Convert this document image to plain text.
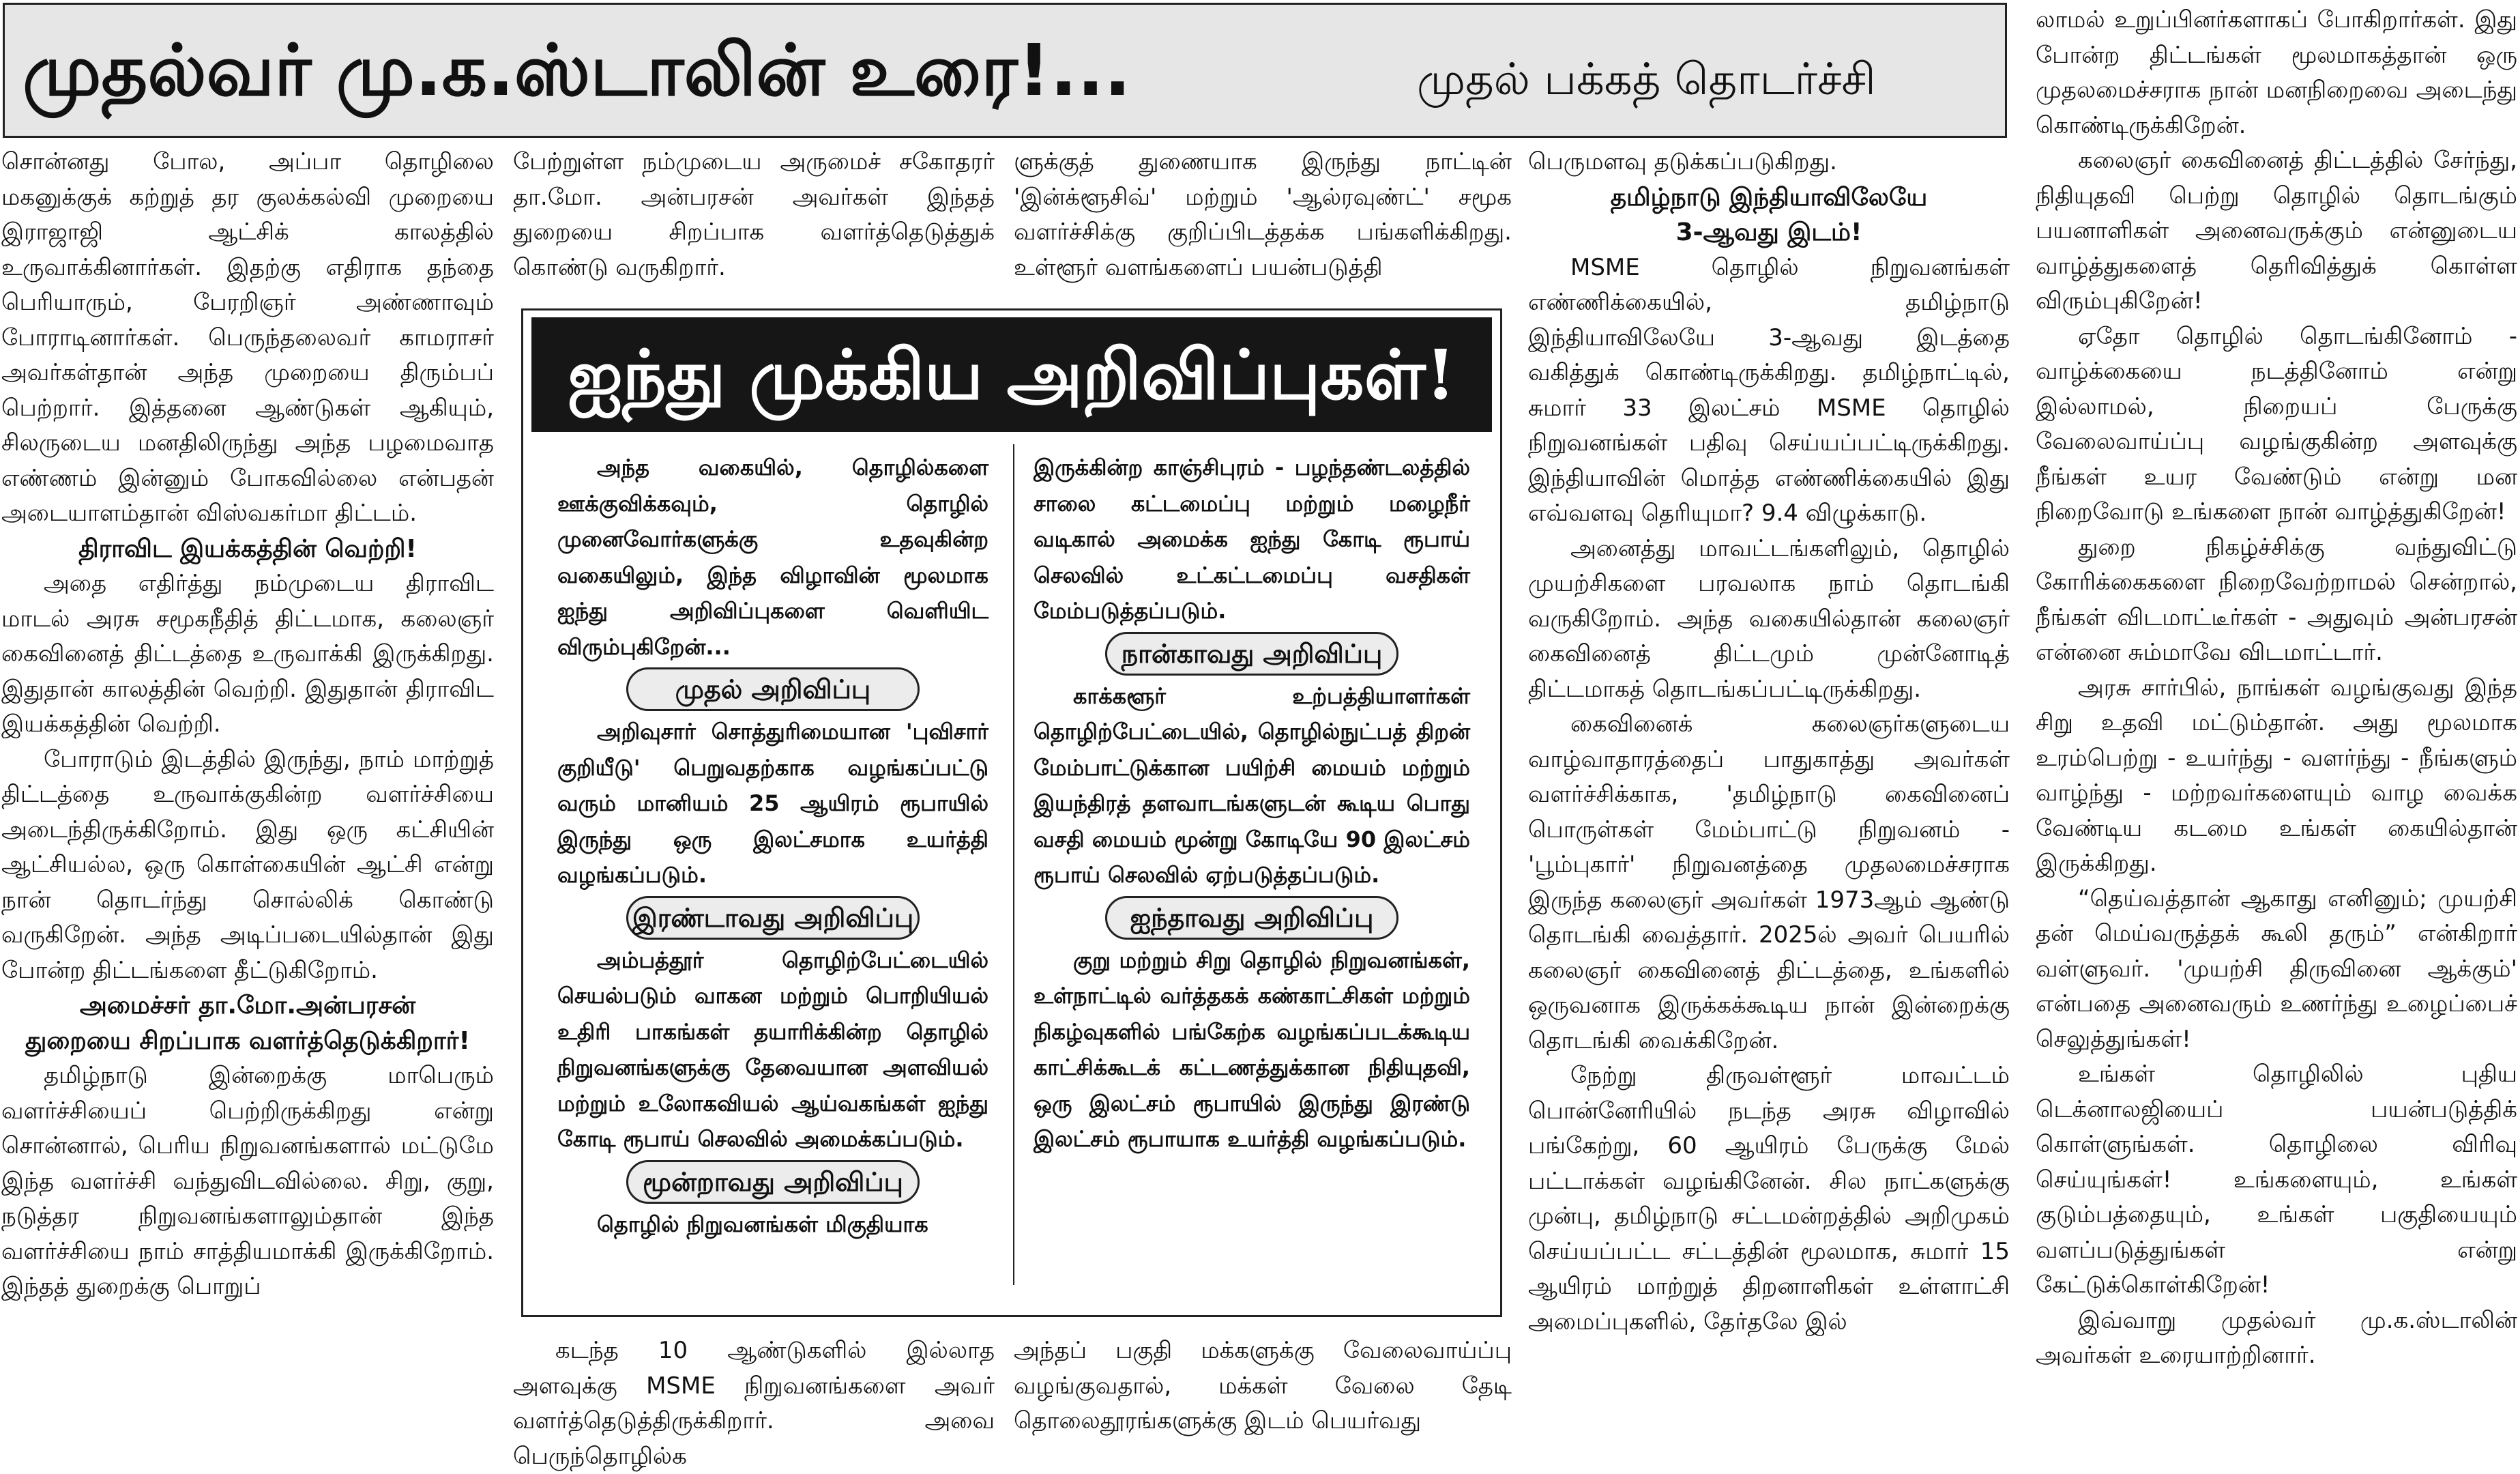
முதல்வர் மு.க.ஸ்டாலின் உரை!...	முதல் பக்கத் தொடர்ச்சி

சொன்னது போல, அப்பா தொழிலை மகனுக்குக் கற்றுத் தர குலக்கல்வி முறையை இராஜாஜி ஆட்சிக் காலத்தில் உருவாக்கினார்கள். இதற்கு எதிராக தந்தை பெரியாரும், பேரறிஞர் அண்ணாவும் போராடினார்கள். பெருந்தலைவர் காமராசர் அவர்கள்தான் அந்த முறையை திரும்பப் பெற்றார். இத்தனை ஆண்டுகள் ஆகியும், சிலருடைய மனதிலிருந்து அந்த பழமைவாத எண்ணம் இன்னும் போகவில்லை என்பதன் அடையாளம்தான் விஸ்வகர்மா திட்டம்.

திராவிட இயக்கத்தின் வெற்றி!

அதை எதிர்த்து நம்முடைய திராவிட மாடல் அரசு சமூகநீதித் திட்டமாக, கலைஞர் கைவினைத் திட்டத்தை உருவாக்கி இருக்கிறது. இதுதான் காலத்தின் வெற்றி. இதுதான் திராவிட இயக்கத்தின் வெற்றி.

போராடும் இடத்தில் இருந்து, நாம் மாற்றுத் திட்டத்தை உருவாக்குகின்ற வளர்ச்சியை அடைந்திருக்கிறோம். இது ஒரு கட்சியின் ஆட்சியல்ல, ஒரு கொள்கையின் ஆட்சி என்று நான் தொடர்ந்து சொல்லிக் கொண்டு வருகிறேன். அந்த அடிப்படையில்தான் இது போன்ற திட்டங்களை தீட்டுகிறோம்.

அமைச்சர் தா.மோ.அன்பரசன்

துறையை சிறப்பாக வளர்த்தெடுக்கிறார்!

தமிழ்நாடு இன்றைக்கு மாபெரும் வளர்ச்சியைப் பெற்றிருக்கிறது என்று சொன்னால், பெரிய நிறுவனங்களால் மட்டுமே இந்த வளர்ச்சி வந்துவிடவில்லை. சிறு, குறு, நடுத்தர நிறுவனங்களாலும்தான் இந்த வளர்ச்சியை நாம் சாத்தியமாக்கி இருக்கிறோம். இந்தத் துறைக்கு பொறுப்

பேற்றுள்ள நம்முடைய அருமைச் சகோதரர் தா.மோ. அன்பரசன் அவர்கள் இந்தத் துறையை சிறப்பாக வளர்த்தெடுத்துக் கொண்டு வருகிறார்.

ளுக்குத் துணையாக இருந்து நாட்டின் 'இன்க்ளூசிவ்' மற்றும் 'ஆல்ரவுண்ட்' சமூக வளர்ச்சிக்கு குறிப்பிடத்தக்க பங்களிக்கிறது. உள்ளூர் வளங்களைப் பயன்படுத்தி

ஐந்து முக்கிய அறிவிப்புகள்!

அந்த வகையில், தொழில்களை ஊக்குவிக்கவும், தொழில் முனைவோர்களுக்கு உதவுகின்ற வகையிலும், இந்த விழாவின் மூலமாக ஐந்து அறிவிப்புகளை வெளியிட விரும்புகிறேன்...

முதல் அறிவிப்பு

அறிவுசார் சொத்துரிமையான 'புவிசார் குறியீடு' பெறுவதற்காக வழங்கப்பட்டு வரும் மானியம் 25 ஆயிரம் ரூபாயில் இருந்து ஒரு இலட்சமாக உயர்த்தி வழங்கப்படும்.

இரண்டாவது அறிவிப்பு

அம்பத்தூர் தொழிற்பேட்டையில் செயல்படும் வாகன மற்றும் பொறியியல் உதிரி பாகங்கள் தயாரிக்கின்ற தொழில் நிறுவனங்களுக்கு தேவையான அளவியல் மற்றும் உலோகவியல் ஆய்வகங்கள் ஐந்து கோடி ரூபாய் செலவில் அமைக்கப்படும்.

மூன்றாவது அறிவிப்பு

தொழில் நிறுவனங்கள் மிகுதியாக

இருக்கின்ற காஞ்சிபுரம் - பழந்தண்டலத்தில் சாலை கட்டமைப்பு மற்றும் மழைநீர் வடிகால் அமைக்க ஐந்து கோடி ரூபாய் செலவில் உட்கட்டமைப்பு வசதிகள் மேம்படுத்தப்படும்.

நான்காவது அறிவிப்பு

காக்களூர் உற்பத்தியாளர்கள் தொழிற்பேட்டையில், தொழில்நுட்பத் திறன் மேம்பாட்டுக்கான பயிற்சி மையம் மற்றும் இயந்திரத் தளவாடங்களுடன் கூடிய பொது வசதி மையம் மூன்று கோடியே 90 இலட்சம் ரூபாய் செலவில் ஏற்படுத்தப்படும்.

ஐந்தாவது அறிவிப்பு

குறு மற்றும் சிறு தொழில் நிறுவனங்கள், உள்நாட்டில் வர்த்தகக் கண்காட்சிகள் மற்றும் நிகழ்வுகளில் பங்கேற்க வழங்கப்படக்கூடிய காட்சிக்கூடக் கட்டணத்துக்கான நிதியுதவி, ஒரு இலட்சம் ரூபாயில் இருந்து இரண்டு இலட்சம் ரூபாயாக உயர்த்தி வழங்கப்படும்.

கடந்த 10 ஆண்டுகளில் இல்லாத அளவுக்கு MSME நிறுவனங்களை அவர் வளர்த்தெடுத்திருக்கிறார். அவை பெருந்தொழில்க

அந்தப் பகுதி மக்களுக்கு வேலைவாய்ப்பு வழங்குவதால், மக்கள் வேலை தேடி தொலைதூரங்களுக்கு இடம் பெயர்வது

பெருமளவு தடுக்கப்படுகிறது.

தமிழ்நாடு இந்தியாவிலேயே

3-ஆவது இடம்!

MSME தொழில் நிறுவனங்கள் எண்ணிக்கையில், தமிழ்நாடு இந்தியாவிலேயே 3-ஆவது இடத்தை வகித்துக் கொண்டிருக்கிறது. தமிழ்நாட்டில், சுமார் 33 இலட்சம் MSME தொழில் நிறுவனங்கள் பதிவு செய்யப்பட்டிருக்கிறது. இந்தியாவின் மொத்த எண்ணிக்கையில் இது எவ்வளவு தெரியுமா? 9.4 விழுக்காடு.

அனைத்து மாவட்டங்களிலும், தொழில் முயற்சிகளை பரவலாக நாம் தொடங்கி வருகிறோம். அந்த வகையில்தான் கலைஞர் கைவினைத் திட்டமும் முன்னோடித் திட்டமாகத் தொடங்கப்பட்டிருக்கிறது.

கைவினைக் கலைஞர்களுடைய வாழ்வாதாரத்தைப் பாதுகாத்து அவர்கள் வளர்ச்சிக்காக, 'தமிழ்நாடு கைவினைப் பொருள்கள் மேம்பாட்டு நிறுவனம் - 'பூம்புகார்' நிறுவனத்தை முதலமைச்சராக இருந்த கலைஞர் அவர்கள் 1973ஆம் ஆண்டு தொடங்கி வைத்தார். 2025ல் அவர் பெயரில் கலைஞர் கைவினைத் திட்டத்தை, உங்களில் ஒருவனாக இருக்கக்கூடிய நான் இன்றைக்கு தொடங்கி வைக்கிறேன்.

நேற்று திருவள்ளூர் மாவட்டம் பொன்னேரியில் நடந்த அரசு விழாவில் பங்கேற்று, 60 ஆயிரம் பேருக்கு மேல் பட்டாக்கள் வழங்கினேன். சில நாட்களுக்கு முன்பு, தமிழ்நாடு சட்டமன்றத்தில் அறிமுகம் செய்யப்பட்ட சட்டத்தின் மூலமாக, சுமார் 15 ஆயிரம் மாற்றுத் திறனாளிகள் உள்ளாட்சி அமைப்புகளில், தேர்தலே இல்

லாமல் உறுப்பினர்களாகப் போகிறார்கள். இது போன்ற திட்டங்கள் மூலமாகத்தான் ஒரு முதலமைச்சராக நான் மனநிறைவை அடைந்து கொண்டிருக்கிறேன்.

கலைஞர் கைவினைத் திட்டத்தில் சேர்ந்து, நிதியுதவி பெற்று தொழில் தொடங்கும் பயனாளிகள் அனைவருக்கும் என்னுடைய வாழ்த்துகளைத் தெரிவித்துக் கொள்ள விரும்புகிறேன்!

ஏதோ தொழில் தொடங்கினோம் - வாழ்க்கையை நடத்தினோம் என்று இல்லாமல், நிறையப் பேருக்கு வேலைவாய்ப்பு வழங்குகின்ற அளவுக்கு நீங்கள் உயர வேண்டும் என்று மன நிறைவோடு உங்களை நான் வாழ்த்துகிறேன்!

துறை நிகழ்ச்சிக்கு வந்துவிட்டு கோரிக்கைகளை நிறைவேற்றாமல் சென்றால், நீங்கள் விடமாட்டீர்கள் - அதுவும் அன்பரசன் என்னை சும்மாவே விடமாட்டார்.

அரசு சார்பில், நாங்கள் வழங்குவது இந்த சிறு உதவி மட்டும்தான். அது மூலமாக உரம்பெற்று - உயர்ந்து - வளர்ந்து - நீங்களும் வாழ்ந்து - மற்றவர்களையும் வாழ வைக்க வேண்டிய கடமை உங்கள் கையில்தான் இருக்கிறது.

“தெய்வத்தான் ஆகாது எனினும்; முயற்சி தன் மெய்வருத்தக் கூலி தரும்” என்கிறார் வள்ளுவர். 'முயற்சி திருவினை ஆக்கும்' என்பதை அனைவரும் உணர்ந்து உழைப்பைச் செலுத்துங்கள்!

உங்கள் தொழிலில் புதிய டெக்னாலஜியைப் பயன்படுத்திக் கொள்ளுங்கள். தொழிலை விரிவு செய்யுங்கள்! உங்களையும், உங்கள் குடும்பத்தையும், உங்கள் பகுதியையும் வளப்படுத்துங்கள் என்று கேட்டுக்கொள்கிறேன்!

இவ்வாறு முதல்வர் மு.க.ஸ்டாலின் அவர்கள் உரையாற்றினார்.
